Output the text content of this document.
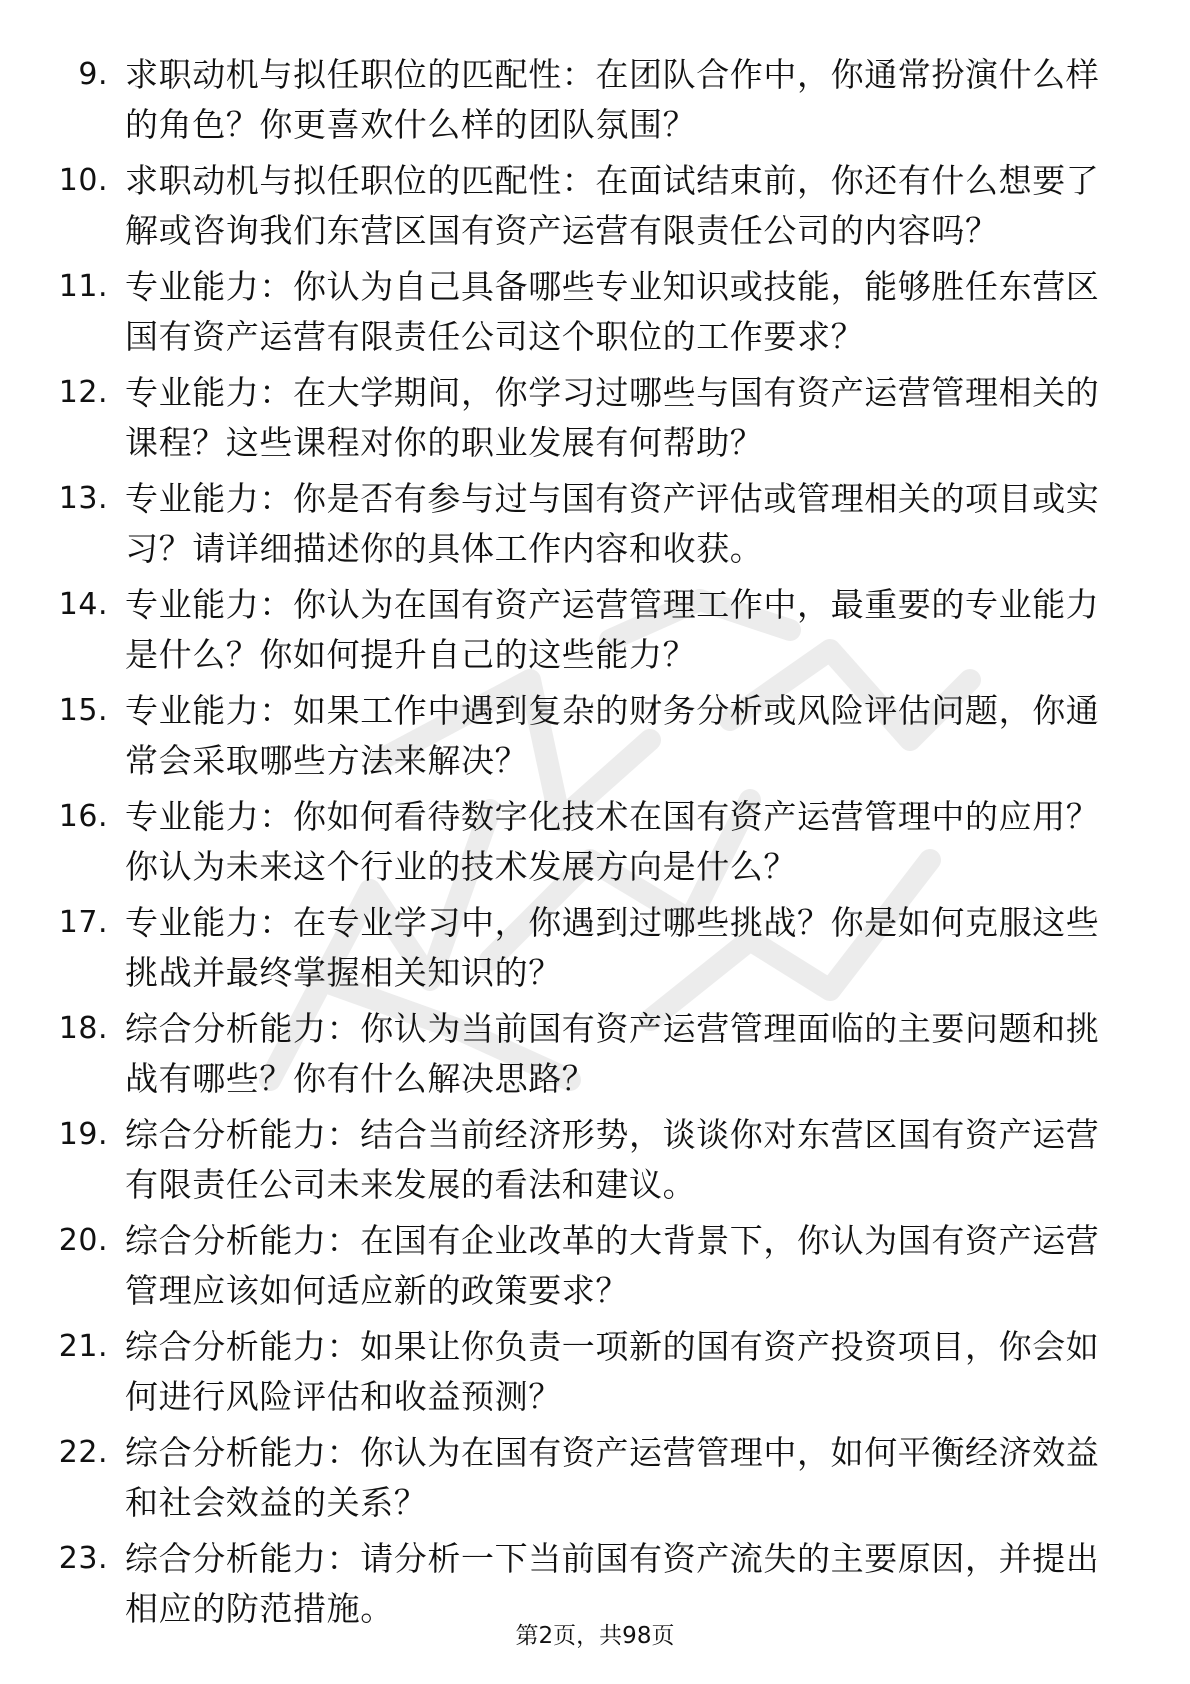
9. 求职动机与拟任职位的匹配性：在团队合作中，你通常扮演什么样的角色？你更喜欢什么样的团队氛围？
10. 求职动机与拟任职位的匹配性：在面试结束前，你还有什么想要了解或咨询我们东营区国有资产运营有限责任公司的内容吗？
11. 专业能力：你认为自己具备哪些专业知识或技能，能够胜任东营区国有资产运营有限责任公司这个职位的工作要求？
12. 专业能力：在大学期间，你学习过哪些与国有资产运营管理相关的课程？这些课程对你的职业发展有何帮助？
13. 专业能力：你是否有参与过与国有资产评估或管理相关的项目或实习？请详细描述你的具体工作内容和收获。
14. 专业能力：你认为在国有资产运营管理工作中，最重要的专业能力是什么？你如何提升自己的这些能力？
15. 专业能力：如果工作中遇到复杂的财务分析或风险评估问题，你通常会采取哪些方法来解决？
16. 专业能力：你如何看待数字化技术在国有资产运营管理中的应用？你认为未来这个行业的技术发展方向是什么？
17. 专业能力：在专业学习中，你遇到过哪些挑战？你是如何克服这些挑战并最终掌握相关知识的？
18. 综合分析能力：你认为当前国有资产运营管理面临的主要问题和挑战有哪些？你有什么解决思路？
19. 综合分析能力：结合当前经济形势，谈谈你对东营区国有资产运营有限责任公司未来发展的看法和建议。
20. 综合分析能力：在国有企业改革的大背景下，你认为国有资产运营管理应该如何适应新的政策要求？
21. 综合分析能力：如果让你负责一项新的国有资产投资项目，你会如何进行风险评估和收益预测？
22. 综合分析能力：你认为在国有资产运营管理中，如何平衡经济效益和社会效益的关系？
23. 综合分析能力：请分析一下当前国有资产流失的主要原因，并提出相应的防范措施。
第2页，共98页
